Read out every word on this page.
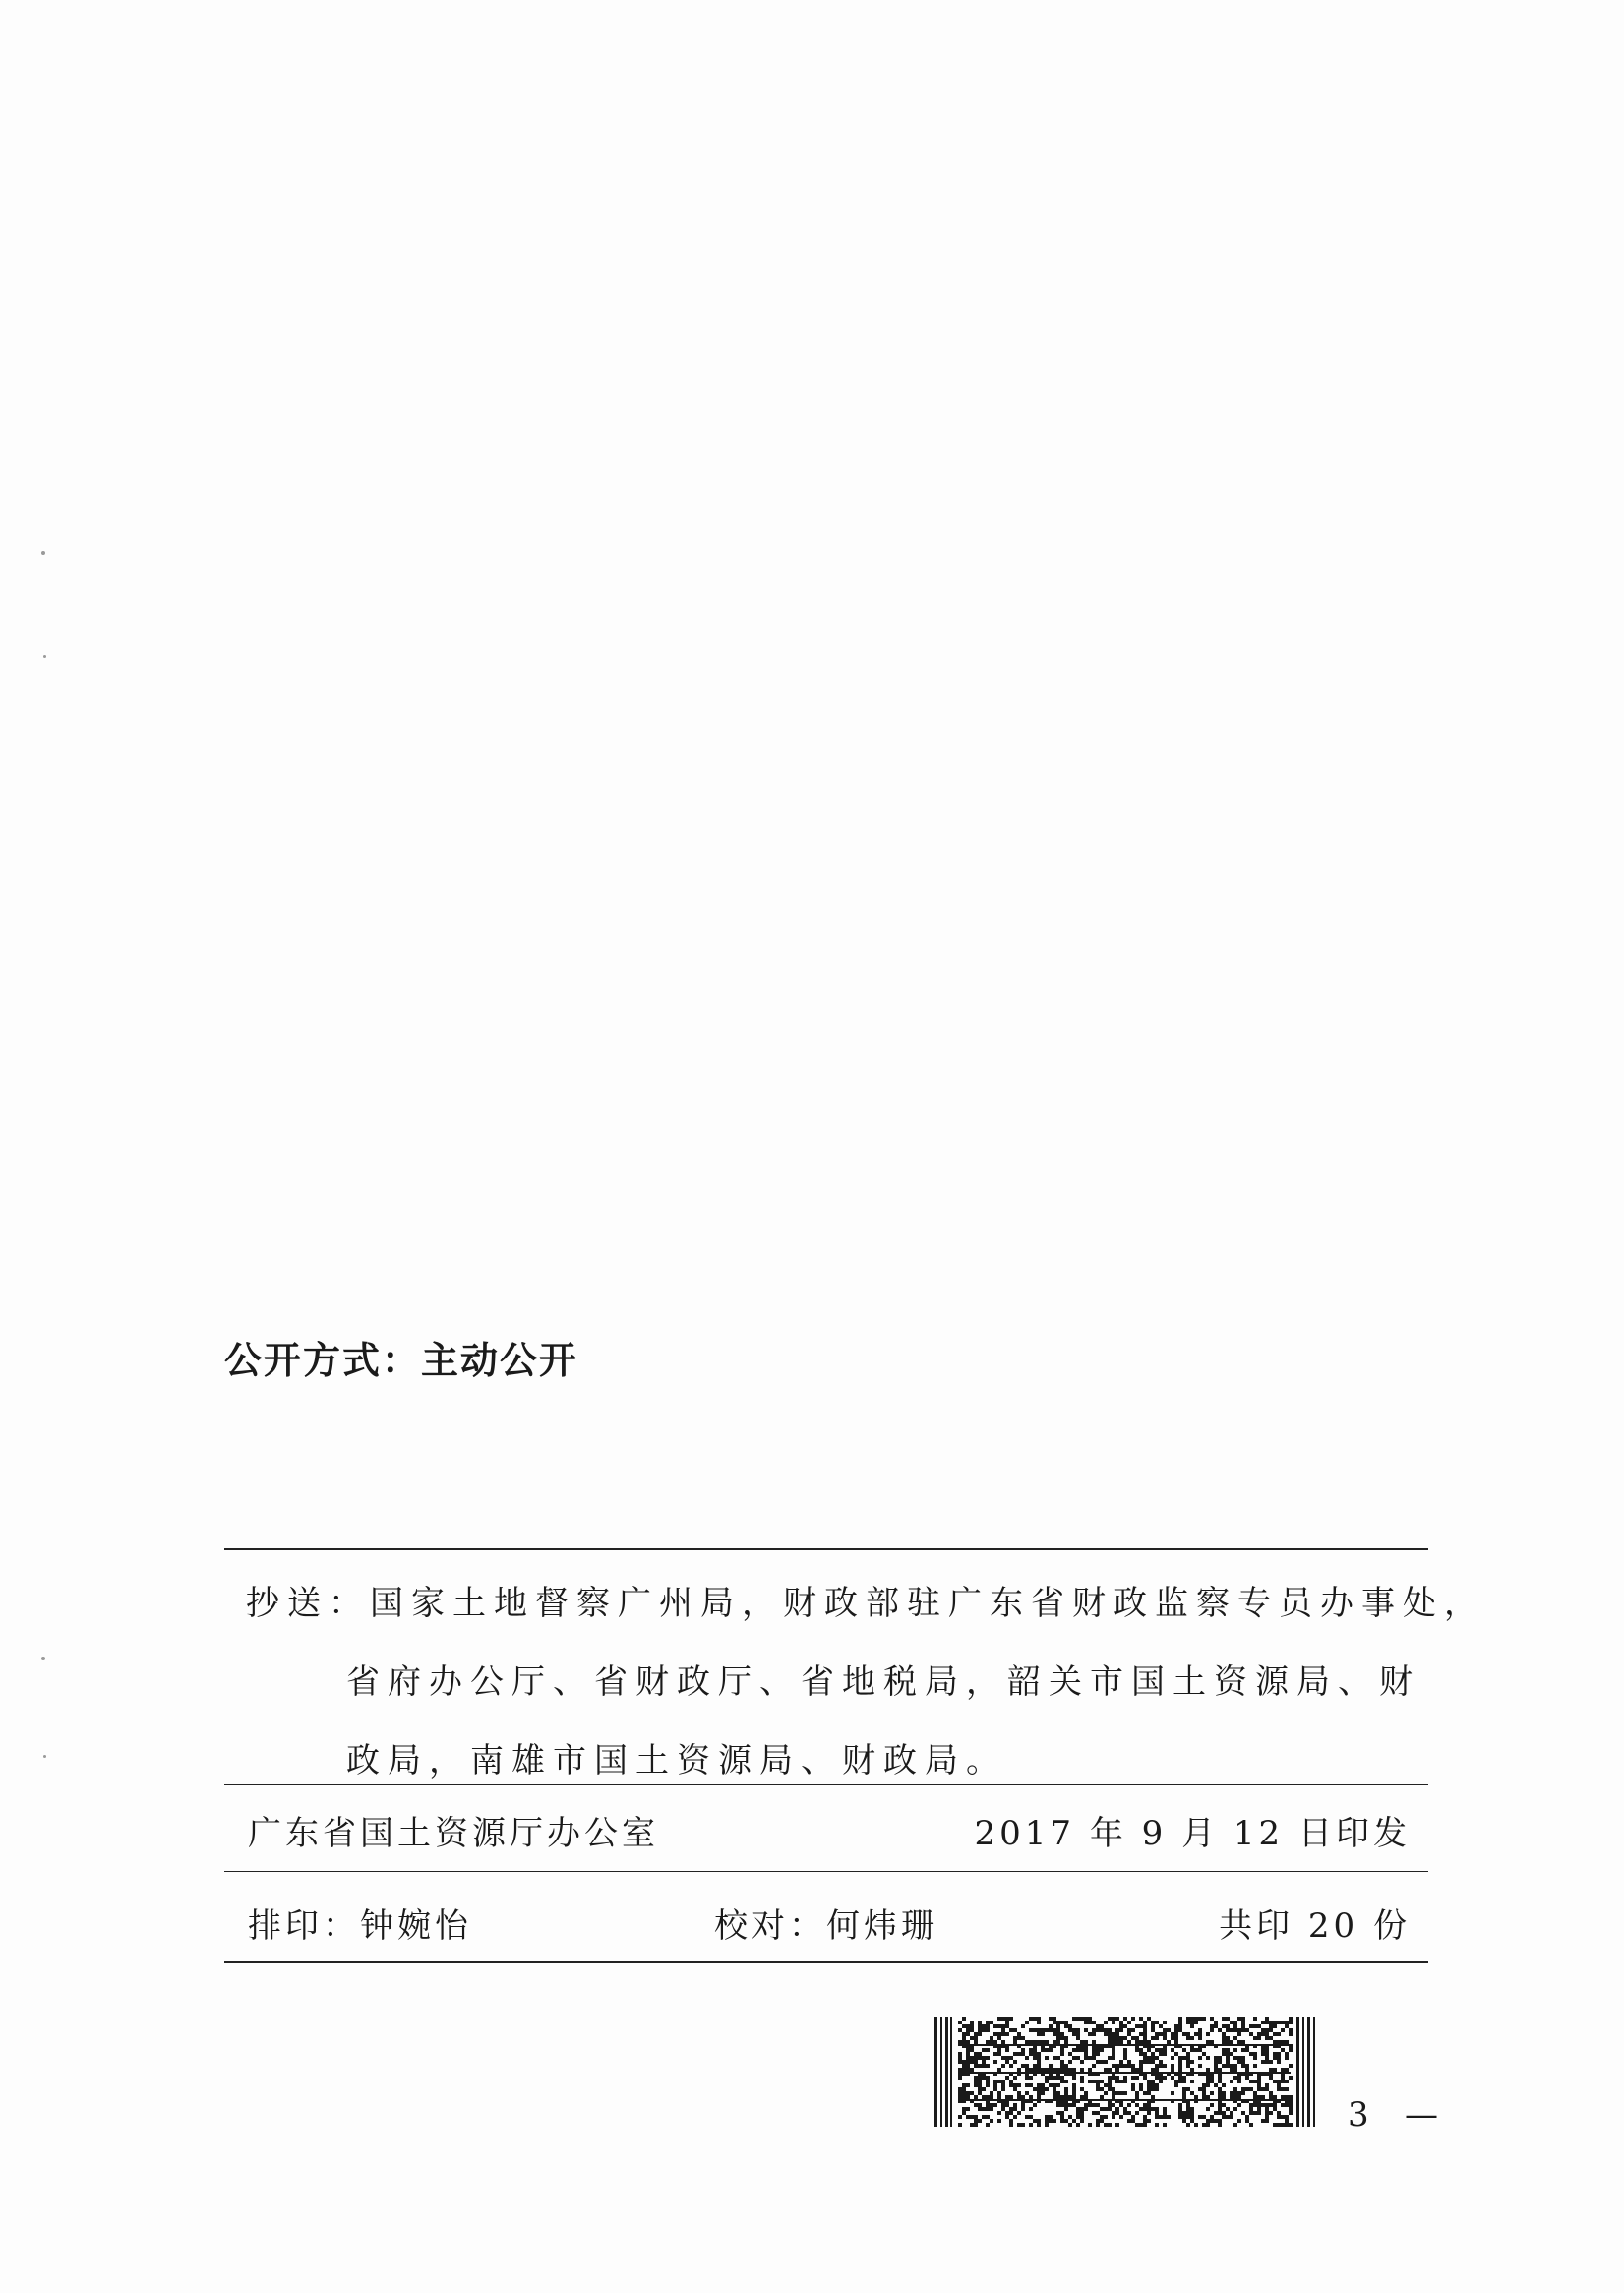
公开方式：主动公开
抄送：国家土地督察广州局，财政部驻广东省财政监察专员办事处，
省府办公厅、省财政厅、省地税局，韶关市国土资源局、财
政局，南雄市国土资源局、财政局。
广东省国土资源厅办公室	2017 年 9 月 12 日印发
排印：钟婉怡	校对：何炜珊	共印 20 份
3 —
